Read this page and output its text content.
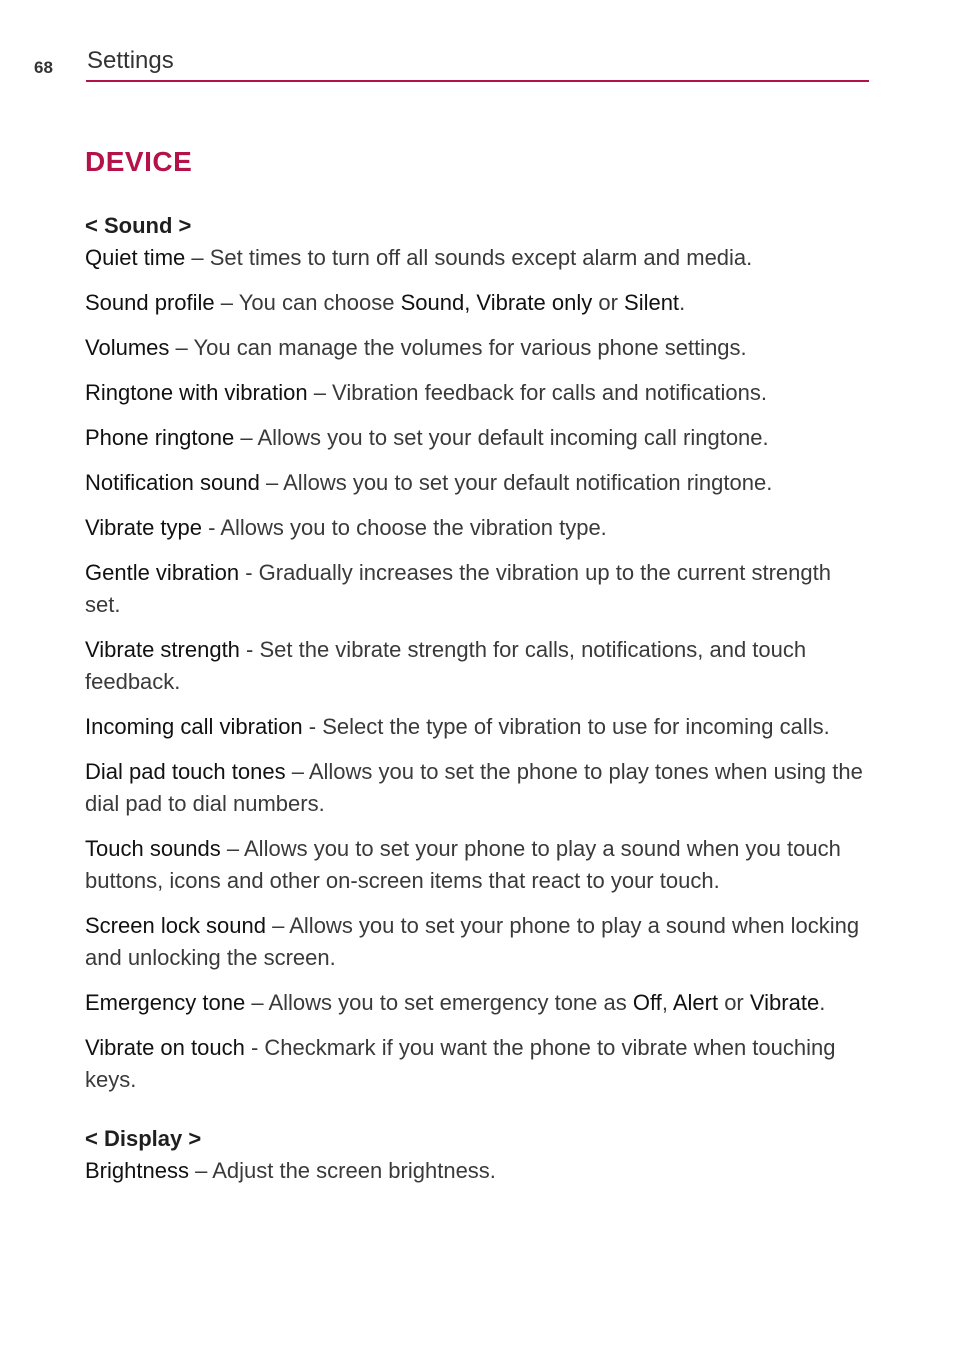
68 Settings
DEVICE

< Sound >

Quiet time – Set times to turn off all sounds except alarm and media.

Sound profile – You can choose Sound, Vibrate only or Silent.

Volumes – You can manage the volumes for various phone settings.

Ringtone with vibration – Vibration feedback for calls and notifications.

Phone ringtone – Allows you to set your default incoming call ringtone.

Notification sound – Allows you to set your default notification ringtone.

Vibrate type - Allows you to choose the vibration type.

Gentle vibration - Gradually increases the vibration up to the current strength set.

Vibrate strength - Set the vibrate strength for calls, notifications, and touch feedback.

Incoming call vibration - Select the type of vibration to use for incoming calls.

Dial pad touch tones – Allows you to set the phone to play tones when using the dial pad to dial numbers.

Touch sounds – Allows you to set your phone to play a sound when you touch buttons, icons and other on-screen items that react to your touch.

Screen lock sound – Allows you to set your phone to play a sound when locking and unlocking the screen.

Emergency tone – Allows you to set emergency tone as Off, Alert or Vibrate.

Vibrate on touch - Checkmark if you want the phone to vibrate when touching keys.

< Display >

Brightness – Adjust the screen brightness.
